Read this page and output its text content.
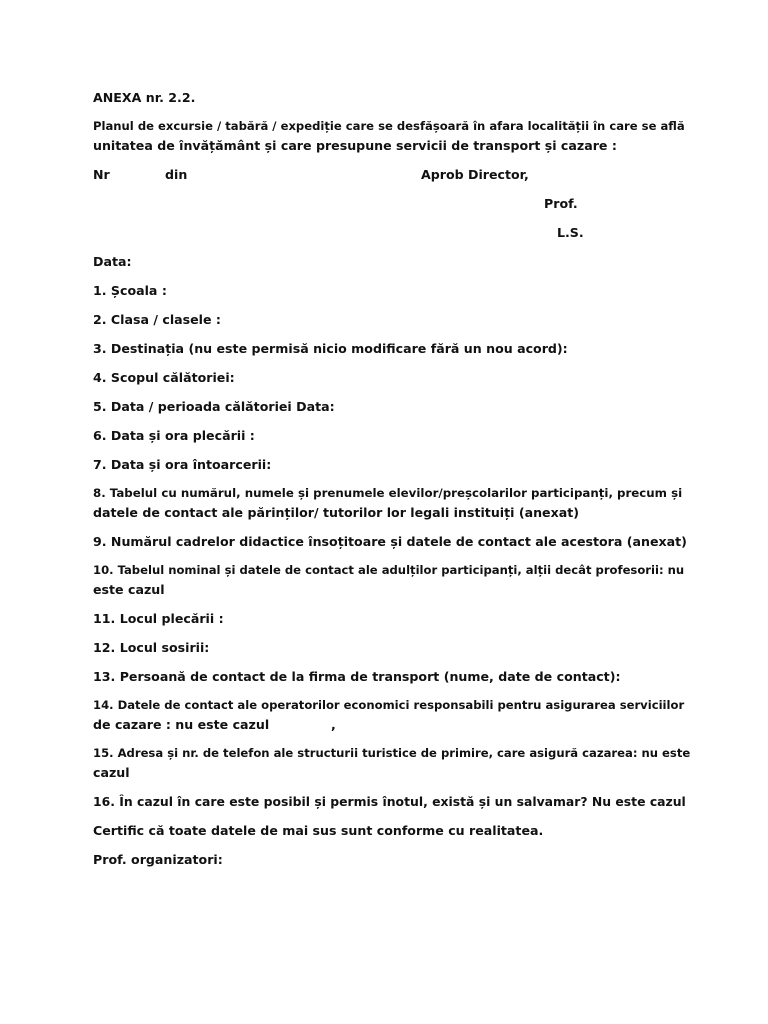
ANEXA nr. 2.2.
Planul de excursie / tabără / expediție care se desfășoară în afara localității în care se află
unitatea de învățământ și care presupune servicii de transport și cazare :
Nr	din	Aprob Director,
Prof.
L.S.
Data:
1. Școala :
2. Clasa / clasele :
3. Destinația (nu este permisă nicio modificare fără un nou acord):
4. Scopul călătoriei:
5. Data / perioada călătoriei Data:
6. Data și ora plecării :
7. Data și ora întoarcerii:
8. Tabelul cu numărul, numele și prenumele elevilor/preșcolarilor participanți, precum și
datele de contact ale părinților/ tutorilor lor legali instituiți (anexat)
9. Numărul cadrelor didactice însoțitoare și datele de contact ale acestora (anexat)
10. Tabelul nominal și datele de contact ale adulților participanți, alții decât profesorii: nu
este cazul
11. Locul plecării :
12. Locul sosirii:
13. Persoană de contact de la firma de transport (nume, date de contact):
14. Datele de contact ale operatorilor economici responsabili pentru asigurarea serviciilor
de cazare : nu este cazul	,
15. Adresa și nr. de telefon ale structurii turistice de primire, care asigură cazarea: nu este
cazul
16. În cazul în care este posibil și permis înotul, există și un salvamar? Nu este cazul
Certific că toate datele de mai sus sunt conforme cu realitatea.
Prof. organizatori:
